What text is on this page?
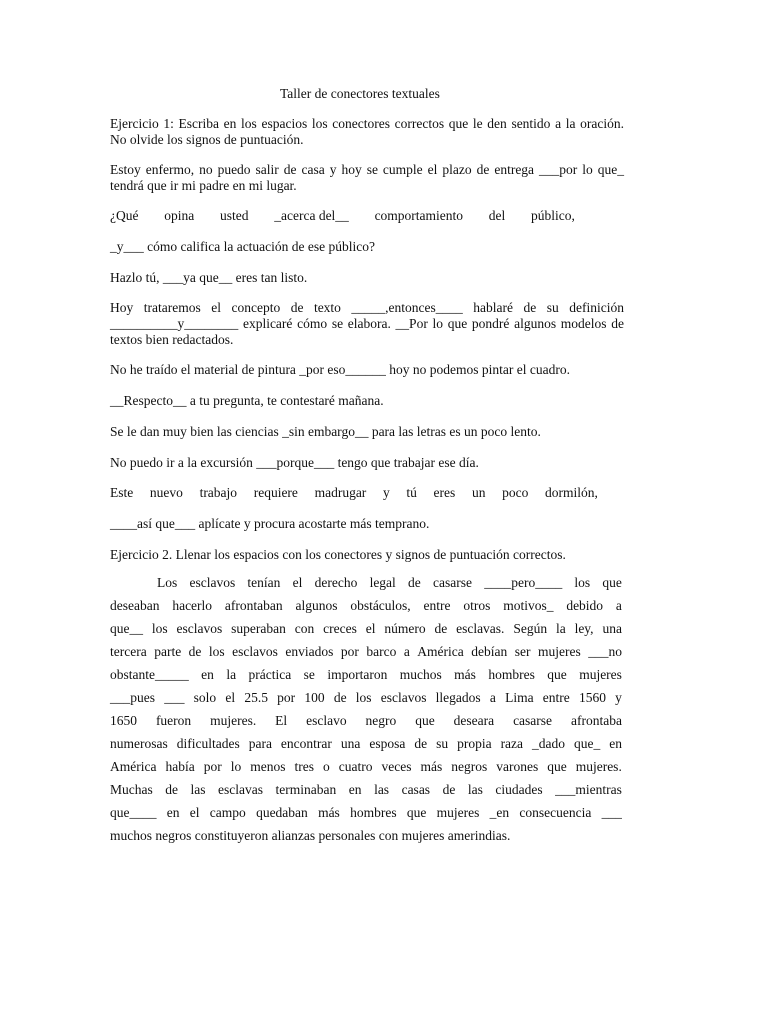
Taller de conectores textuales

Ejercicio 1: Escriba en los espacios los conectores correctos que le den sentido a la oración. No olvide los signos de puntuación.

Estoy enfermo, no puedo salir de casa y hoy se cumple el plazo de entrega ___por lo que_ tendrá que ir mi padre en mi lugar.

¿Qué opina usted _acerca del__ comportamiento del público,

_y___ cómo califica la actuación de ese público?

Hazlo tú, ___ya que__ eres tan listo.

Hoy trataremos el concepto de texto _____,entonces____ hablaré de su definición __________y________ explicaré cómo se elabora. __Por lo que pondré algunos modelos de textos bien redactados.

No he traído el material de pintura _por eso______ hoy no podemos pintar el cuadro.

__Respecto__ a tu pregunta, te contestaré mañana.

Se le dan muy bien las ciencias _sin embargo__ para las letras es un poco lento.

No puedo ir a la excursión ___porque___ tengo que trabajar ese día.

Este nuevo trabajo requiere madrugar y tú eres un poco dormilón,

____así que___ aplícate y procura acostarte más temprano.

Ejercicio 2. Llenar los espacios con los conectores y signos de puntuación correctos.

Los esclavos tenían el derecho legal de casarse ____pero____ los que
deseaban hacerlo afrontaban algunos obstáculos, entre otros motivos_ debido a
que__ los esclavos superaban con creces el número de esclavas. Según la ley, una
tercera parte de los esclavos enviados por barco a América debían ser mujeres ___no
obstante_____ en la práctica se importaron muchos más hombres que mujeres
___pues ___ solo el 25.5 por 100 de los esclavos llegados a Lima entre 1560 y
1650 fueron mujeres. El esclavo negro que deseara casarse afrontaba
numerosas dificultades para encontrar una esposa de su propia raza _dado que_ en
América había por lo menos tres o cuatro veces más negros varones que mujeres.
Muchas de las esclavas terminaban en las casas de las ciudades ___mientras
que____ en el campo quedaban más hombres que mujeres _en consecuencia ___
muchos negros constituyeron alianzas personales con mujeres amerindias.
